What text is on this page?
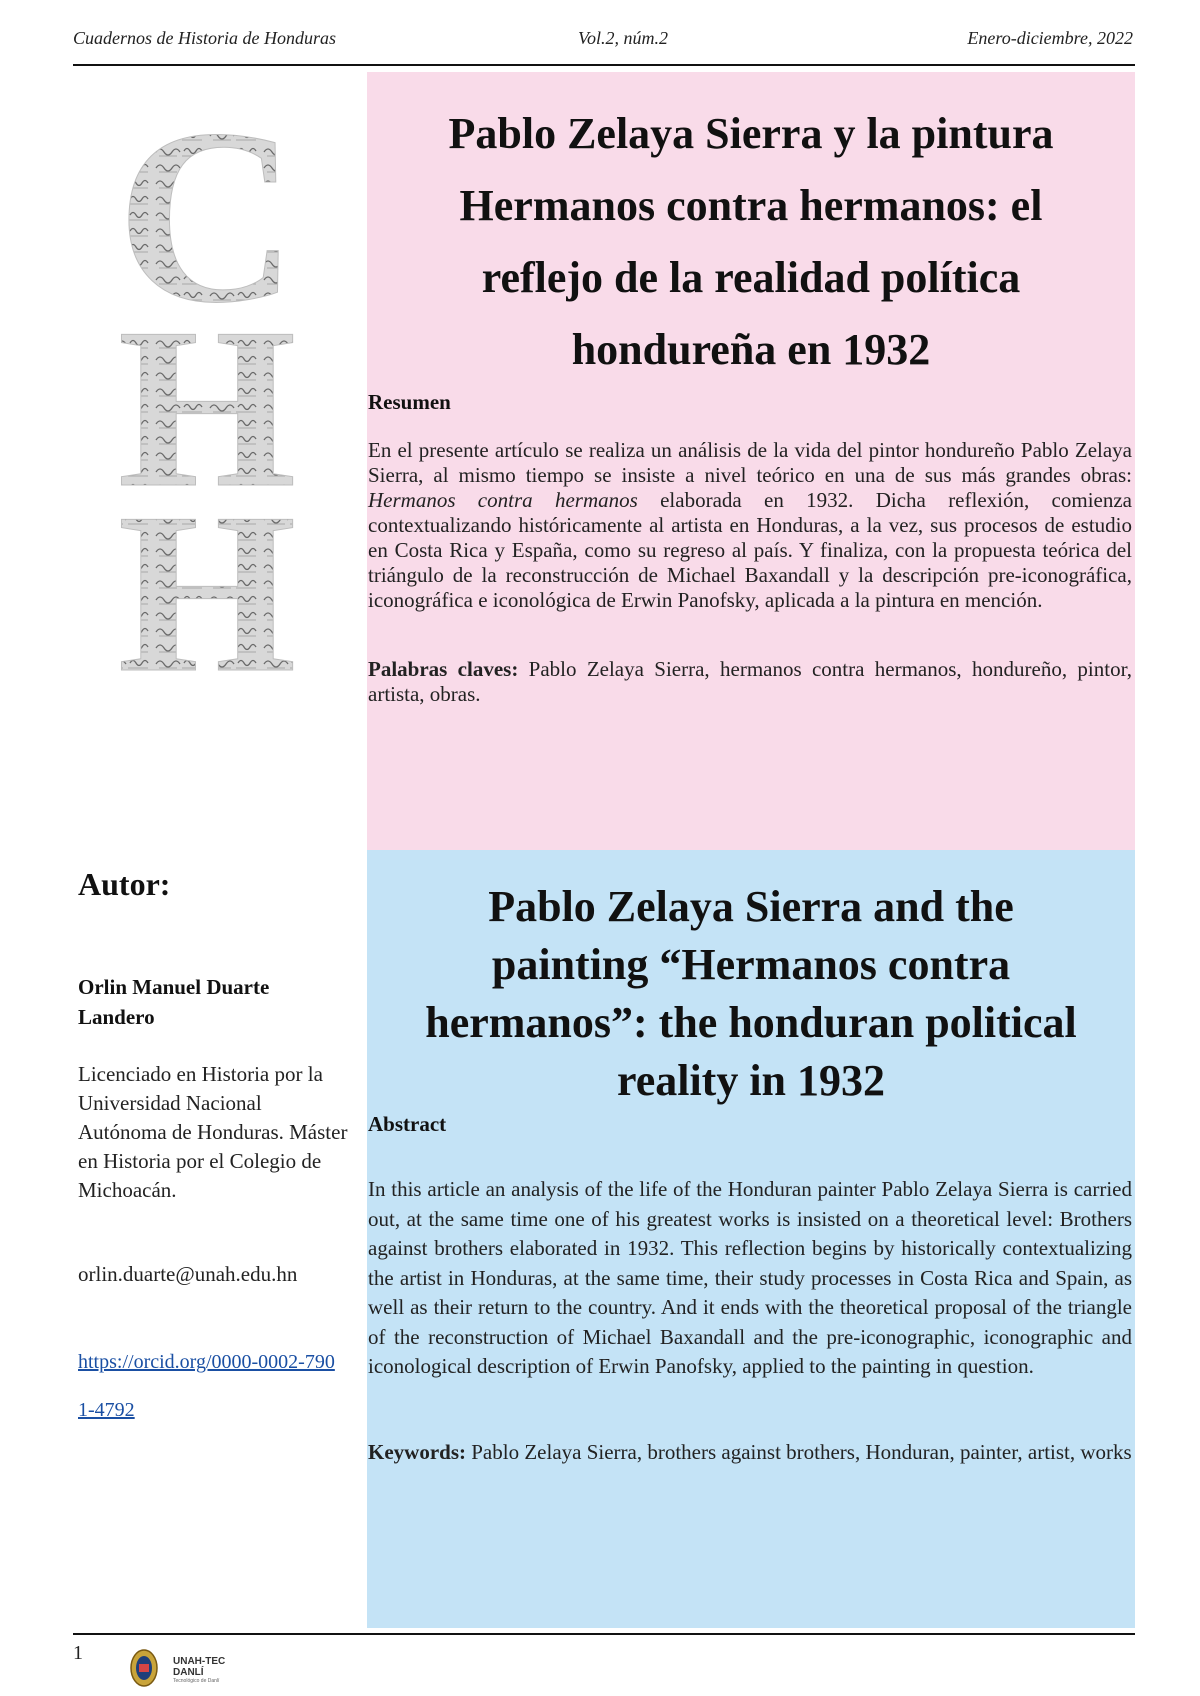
Cuadernos de Historia de Honduras	Vol.2, núm.2	Enero-diciembre, 2022
C
H
H
Pablo Zelaya Sierra y la pintura
Hermanos contra hermanos: el
reflejo de la realidad política
hondureña en 1932
Resumen
En el presente artículo se realiza un análisis de la vida del pintor hondureño Pablo Zelaya Sierra, al mismo tiempo se insiste a nivel teórico en una de sus más grandes obras: Hermanos contra hermanos elaborada en 1932. Dicha reflexión, comienza contextualizando históricamente al artista en Honduras, a la vez, sus procesos de estudio en Costa Rica y España, como su regreso al país. Y finaliza, con la propuesta teórica del triángulo de la reconstrucción de Michael Baxandall y la descripción pre-iconográfica, iconográfica e iconológica de Erwin Panofsky, aplicada a la pintura en mención.
Palabras claves: Pablo Zelaya Sierra, hermanos contra hermanos, hondureño, pintor, artista, obras.
Pablo Zelaya Sierra and the
painting “Hermanos contra
hermanos”: the honduran political
reality in 1932
Abstract
In this article an analysis of the life of the Honduran painter Pablo Zelaya Sierra is carried out, at the same time one of his greatest works is insisted on a theoretical level: Brothers against brothers elaborated in 1932. This reflection begins by historically contextualizing the artist in Honduras, at the same time, their study processes in Costa Rica and Spain, as well as their return to the country. And it ends with the theoretical proposal of the triangle of the reconstruction of Michael Baxandall and the pre-iconographic, iconographic and iconological description of Erwin Panofsky, applied to the painting in question.
Keywords: Pablo Zelaya Sierra, brothers against brothers, Honduran, painter, artist, works
Autor:
Orlin Manuel Duarte Landero
Licenciado en Historia por la Universidad Nacional Autónoma de Honduras. Máster en Historia por el Colegio de Michoacán.
orlin.duarte@unah.edu.hn
https://orcid.org/0000-0002-7901-4792
1	UNAH-TEC
DANLÍ
Tecnológico de Danlí
